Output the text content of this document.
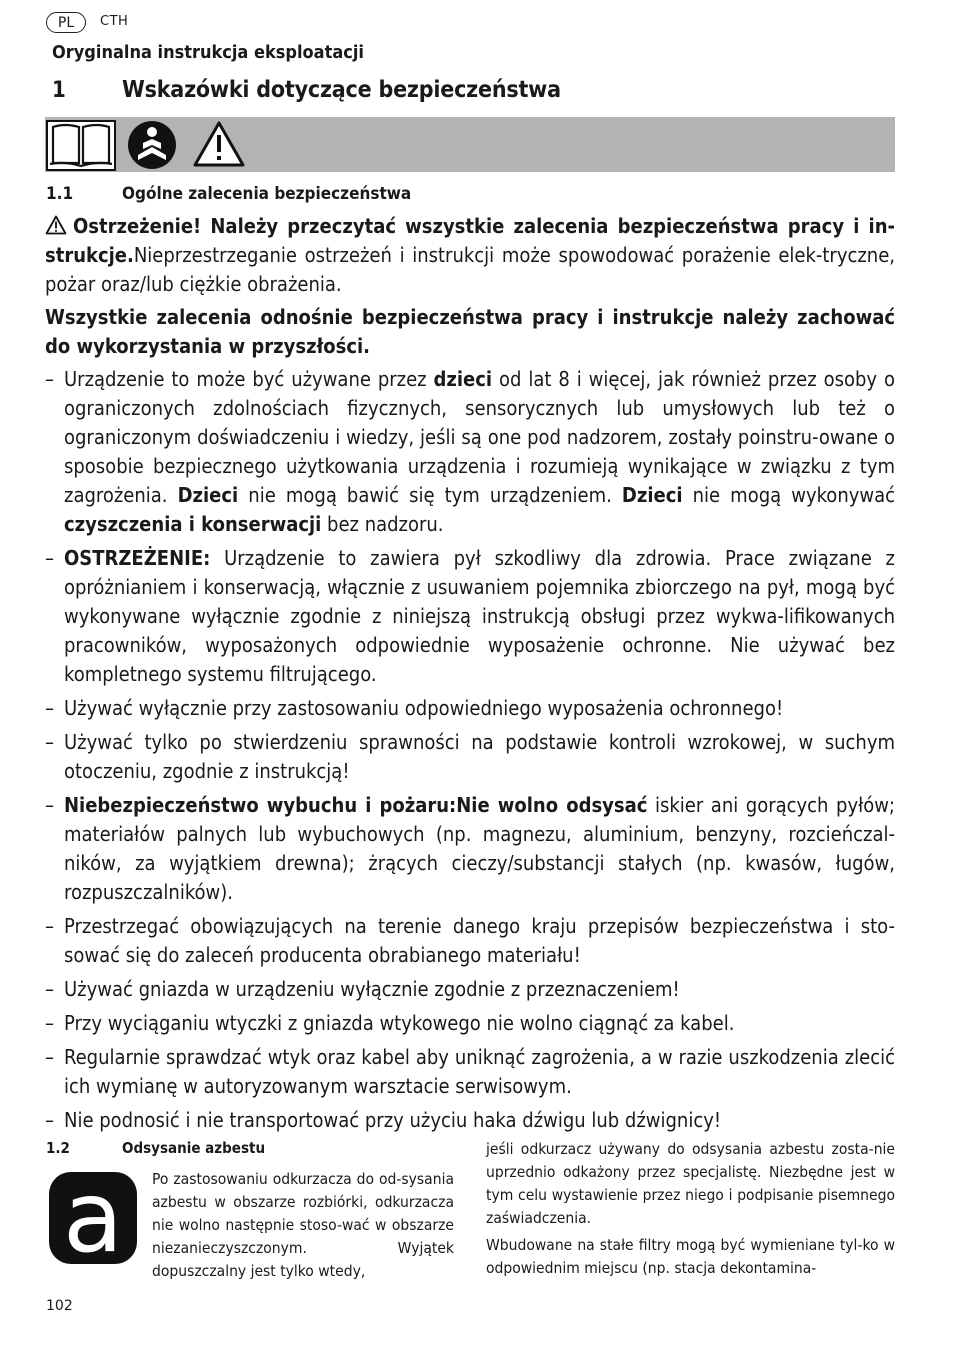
PL	CTH
Oryginalna instrukcja eksploatacji
1 Wskazówki dotyczące bezpieczeństwa
1.1	Ogólne zalecenia bezpieczeństwa
Ostrzeżenie! Należy przeczytać wszystkie zalecenia bezpieczeństwa pracy i in-strukcje.Nieprzestrzeganie ostrzeżeń i instrukcji może spowodować porażenie elek-tryczne, pożar oraz/lub ciężkie obrażenia.
Wszystkie zalecenia odnośnie bezpieczeństwa pracy i instrukcje należy zachować do wykorzystania w przyszłości.
– Urządzenie to może być używane przez dzieci od lat 8 i więcej, jak również przez osoby o ograniczonych zdolnościach fizycznych, sensorycznych lub umysłowych lub też o ograniczonym doświadczeniu i wiedzy, jeśli są one pod nadzorem, zostały poinstru-owane o sposobie bezpiecznego użytkowania urządzenia i rozumieją wynikające w związku z tym zagrożenia. Dzieci nie mogą bawić się tym urządzeniem. Dzieci nie mogą wykonywać czyszczenia i konserwacji bez nadzoru.
– OSTRZEŻENIE: Urządzenie to zawiera pył szkodliwy dla zdrowia. Prace związane z opróżnianiem i konserwacją, włącznie z usuwaniem pojemnika zbiorczego na pył, mogą być wykonywane wyłącznie zgodnie z niniejszą instrukcją obsługi przez wykwa-lifikowanych pracowników, wyposażonych odpowiednie wyposażenie ochronne. Nie używać bez kompletnego systemu filtrującego.
– Używać wyłącznie przy zastosowaniu odpowiedniego wyposażenia ochronnego!
– Używać tylko po stwierdzeniu sprawności na podstawie kontroli wzrokowej, w suchym otoczeniu, zgodnie z instrukcją!
– Niebezpieczeństwo wybuchu i pożaru:Nie wolno odsysać iskier ani gorących pyłów; materiałów palnych lub wybuchowych (np. magnezu, aluminium, benzyny, rozcieńczal-ników, za wyjątkiem drewna); żrących cieczy/substancji stałych (np. kwasów, ługów, rozpuszczalników).
– Przestrzegać obowiązujących na terenie danego kraju przepisów bezpieczeństwa i sto-sować się do zaleceń producenta obrabianego materiału!
– Używać gniazda w urządzeniu wyłącznie zgodnie z przeznaczeniem!
– Przy wyciąganiu wtyczki z gniazda wtykowego nie wolno ciągnąć za kabel.
– Regularnie sprawdzać wtyk oraz kabel aby uniknąć zagrożenia, a w razie uszkodzenia zlecić ich wymianę w autoryzowanym warsztacie serwisowym.
– Nie podnosić i nie transportować przy użyciu haka dźwigu lub dźwignicy!
1.2	Odsysanie azbestu
a Po zastosowaniu odkurzacza do od-sysania azbestu w obszarze rozbiórki, odkurzacza nie wolno następnie stoso-wać w obszarze niezanieczyszczonym. Wyjątek dopuszczalny jest tylko wtedy,

jeśli odkurzacz używany do odsysania azbestu zosta-nie uprzednio odkażony przez specjalistę. Niezbędne jest w tym celu wystawienie przez niego i podpisanie pisemnego zaświadczenia.

Wbudowane na stałe filtry mogą być wymieniane tyl-ko w odpowiednim miejscu (np. stacja dekontamina-

102
